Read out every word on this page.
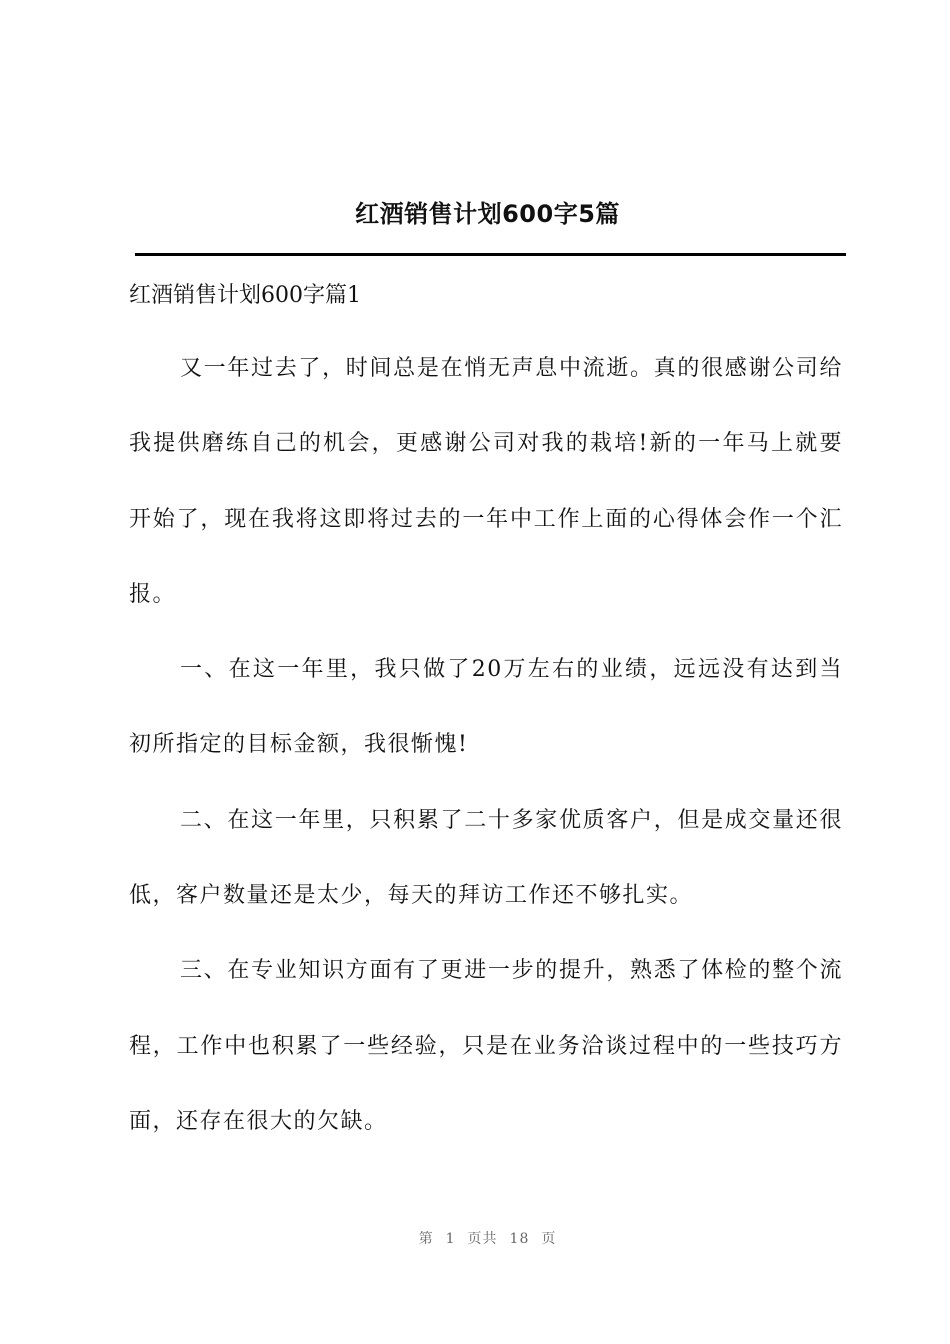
红酒销售计划600字5篇
红酒销售计划600字篇1

又一年过去了，时间总是在悄无声息中流逝。真的很感谢公司给我提供磨练自己的机会，更感谢公司对我的栽培!新的一年马上就要开始了，现在我将这即将过去的一年中工作上面的心得体会作一个汇报。

一、在这一年里，我只做了20万左右的业绩，远远没有达到当初所指定的目标金额，我很惭愧!

二、在这一年里，只积累了二十多家优质客户，但是成交量还很低，客户数量还是太少，每天的拜访工作还不够扎实。

三、在专业知识方面有了更进一步的提升，熟悉了体检的整个流程，工作中也积累了一些经验，只是在业务洽谈过程中的一些技巧方面，还存在很大的欠缺。

第 1 页共 18 页
